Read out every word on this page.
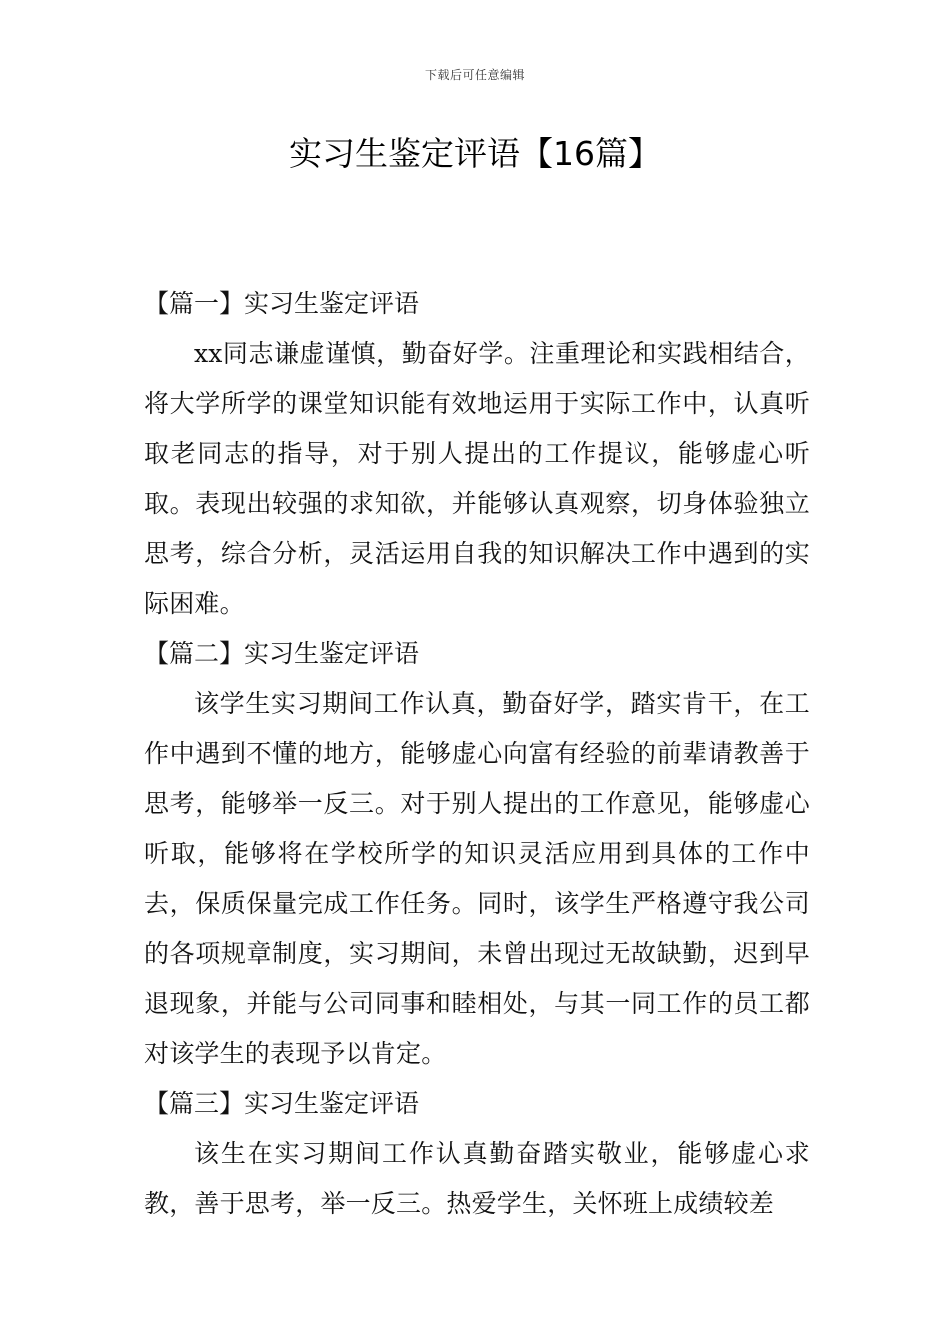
下载后可任意编辑
实习生鉴定评语【16篇】
【篇一】实习生鉴定评语

xx同志谦虚谨慎，勤奋好学。注重理论和实践相结合，将大学所学的课堂知识能有效地运用于实际工作中，认真听取老同志的指导，对于别人提出的工作提议，能够虚心听取。表现出较强的求知欲，并能够认真观察，切身体验独立思考，综合分析，灵活运用自我的知识解决工作中遇到的实际困难。

【篇二】实习生鉴定评语

该学生实习期间工作认真，勤奋好学，踏实肯干，在工作中遇到不懂的地方，能够虚心向富有经验的前辈请教善于思考，能够举一反三。对于别人提出的工作意见，能够虚心听取，能够将在学校所学的知识灵活应用到具体的工作中去，保质保量完成工作任务。同时，该学生严格遵守我公司的各项规章制度，实习期间，未曾出现过无故缺勤，迟到早退现象，并能与公司同事和睦相处，与其一同工作的员工都对该学生的表现予以肯定。

【篇三】实习生鉴定评语

该生在实习期间工作认真勤奋踏实敬业，能够虚心求教，善于思考，举一反三。热爱学生，关怀班上成绩较差
